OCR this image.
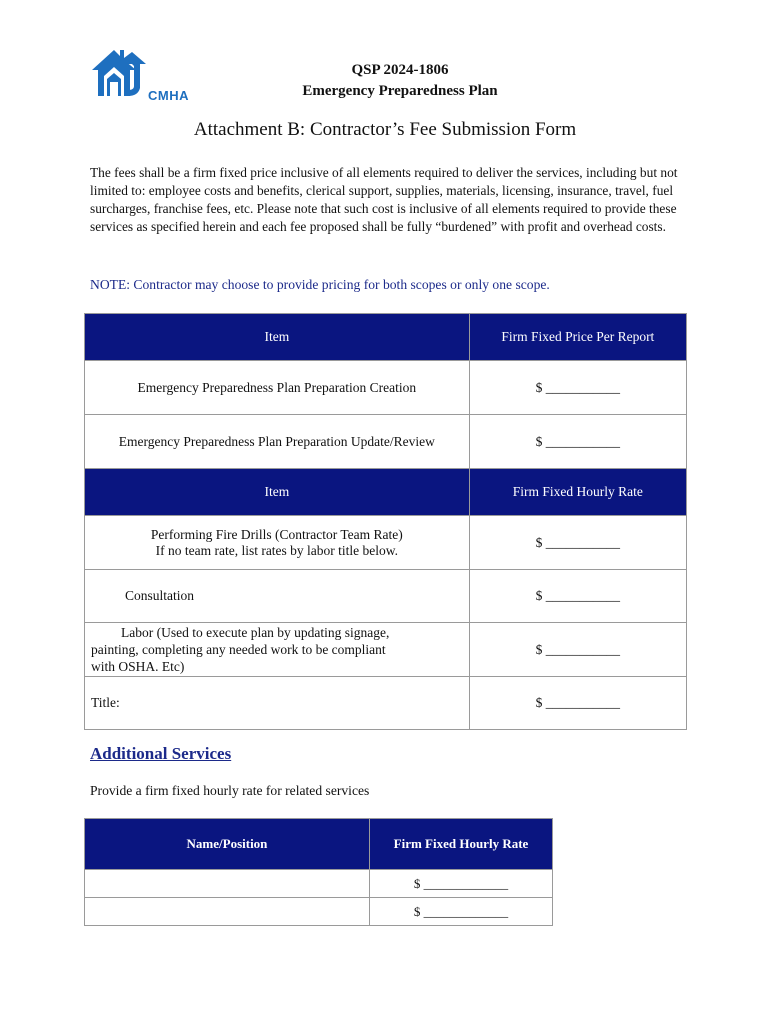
CMHA
QSP 2024-1806
Emergency Preparedness Plan
Attachment B: Contractor’s Fee Submission Form
The fees shall be a firm fixed price inclusive of all elements required to deliver the services, including but not limited to: employee costs and benefits, clerical support, supplies, materials, licensing, insurance, travel, fuel surcharges, franchise fees, etc. Please note that such cost is inclusive of all elements required to provide these services as specified herein and each fee proposed shall be fully “burdened” with profit and overhead costs.
NOTE: Contractor may choose to provide pricing for both scopes or only one scope.
Item	Firm Fixed Price Per Report
Emergency Preparedness Plan Preparation Creation	$ ___________
Emergency Preparedness Plan Preparation Update/Review	$ ___________
Item	Firm Fixed Hourly Rate

Performing Fire Drills (Contractor Team Rate)
If no team rate, list rates by labor title below.	$ ___________
Consultation	$ ___________

Labor (Used to execute plan by updating signage,
painting, completing any needed work to be compliant
with OSHA. Etc)	$ ___________
Title:	$ ___________
Additional Services
Provide a firm fixed hourly rate for related services
Name/Position	Firm Fixed Hourly Rate
	$ _____________
	$ _____________
